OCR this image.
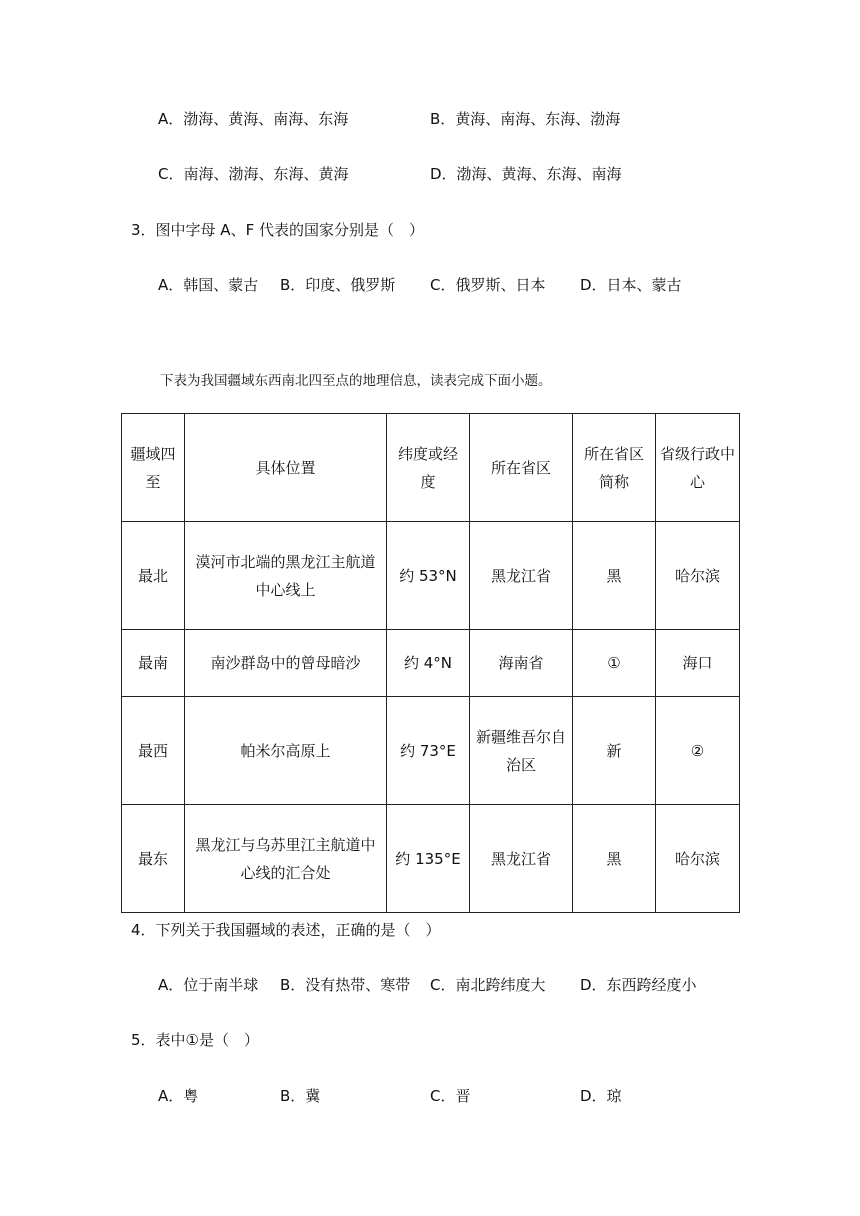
A．渤海、黄海、南海、东海	B．黄海、南海、东海、渤海
C．南海、渤海、东海、黄海	D．渤海、黄海、东海、南海
3．图中字母 A、F 代表的国家分别是（　）
A．韩国、蒙古 B．印度、俄罗斯 C．俄罗斯、日本 D．日本、蒙古
下表为我国疆域东西南北四至点的地理信息，读表完成下面小题。
疆域四至	具体位置	纬度或经度	所在省区	所在省区简称	省级行政中心
最北	漠河市北端的黑龙江主航道中心线上	约 53°N	黑龙江省	黑	哈尔滨
最南	南沙群岛中的曾母暗沙	约 4°N	海南省	①	海口
最西	帕米尔高原上	约 73°E	新疆维吾尔自治区	新	②
最东	黑龙江与乌苏里江主航道中心线的汇合处	约 135°E	黑龙江省	黑	哈尔滨
4．下列关于我国疆域的表述，正确的是（　）
A．位于南半球 B．没有热带、寒带 C．南北跨纬度大 D．东西跨经度小
5．表中①是（　）
A．粤	B．冀	C．晋	D．琼
